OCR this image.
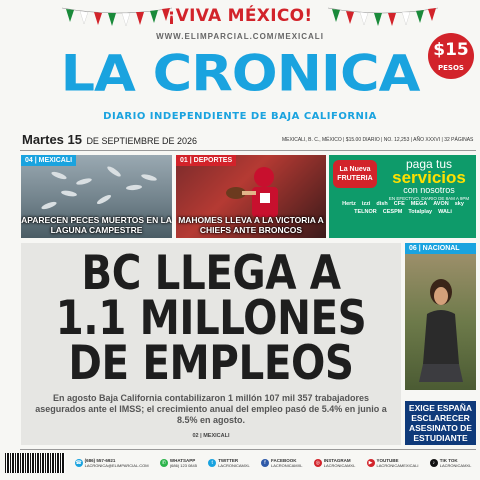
¡VIVA MÉXICO!
WWW.ELIMPARCIAL.COM/MEXICALI
LA CRONICA
DIARIO INDEPENDIENTE DE BAJA CALIFORNIA
$15
PESOS
Martes 15 DE SEPTIEMBRE DE 2026	MEXICALI, B. C., MÉXICO | $15.00 DIARIO | NO. 12,253 | AÑO XXXVI | 32 PÁGINAS
04 | MEXICALI
APARECEN PECES MUERTOS EN LA LAGUNA CAMPESTRE
01 | DEPORTES
MAHOMES LLEVA A LA VICTORIA A CHIEFS ANTE BRONCOS
La Nueva FRUTERIA
paga tus
servicios
con nosotros
EN EFECTIVO, DIARIO DE 8AM A 9PM
Hertz izzi dish CFE MEGA AVON sky
TELNOR CESPM Totalplay WALi
BC LLEGA A 1.1 MILLONES DE EMPLEOS
En agosto Baja California contabilizaron 1 millón 107 mil 357 trabajadores asegurados ante el IMSS; el crecimiento anual del empleo pasó de 5.4% en junio a 8.5% en agosto.
02 | MEXICALI
06 | NACIONAL
EXIGE ESPAÑA ESCLARECER ASESINATO DE ESTUDIANTE
☎ (686) 557-6921
LACRONICA@ELIMPARCIAL.COM	✆ WHATSAPP
(686) 123 0845	t	TWITTER
LACRONICAMXL	f	FACEBOOK
LACRONICAMXL	◎ INSTAGRAM
LACRONICAMXL	▶ YOUTUBE
LACRONICAMEXICALI	♪	TIK TOK
LACRONICAMXL
